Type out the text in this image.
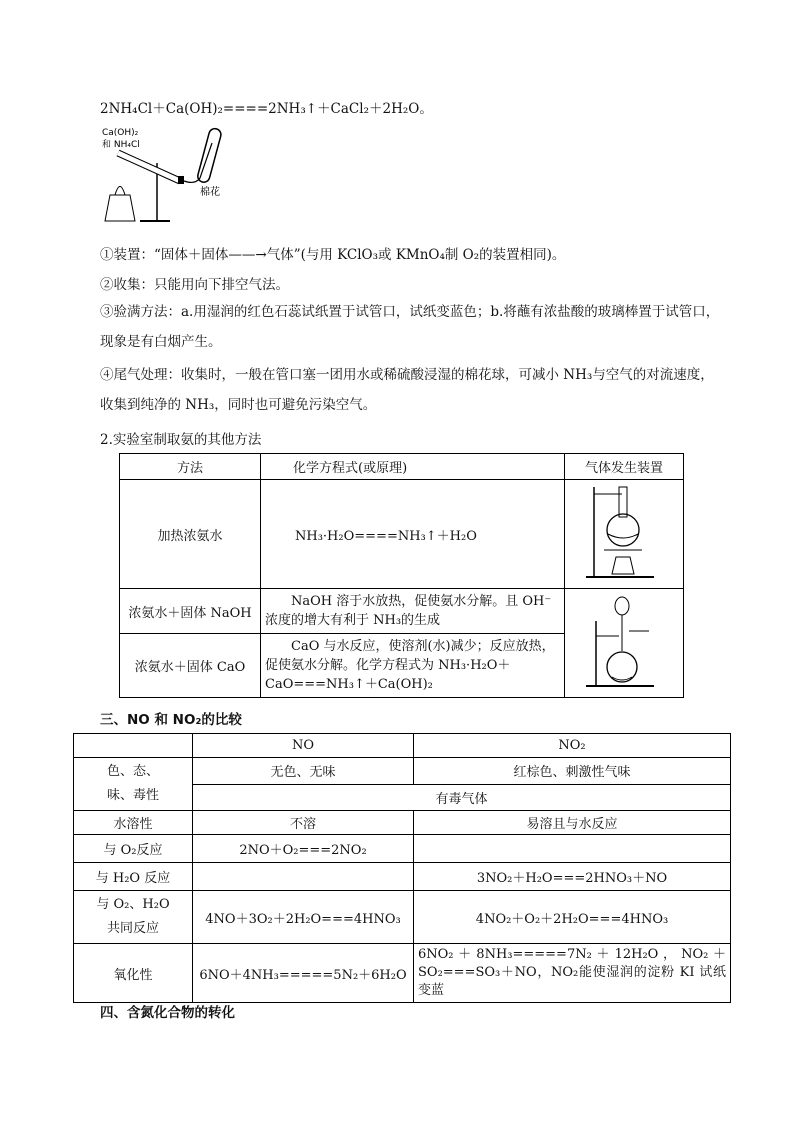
2NH₄Cl＋Ca(OH)₂====2NH₃↑＋CaCl₂＋2H₂O。
Ca(OH)₂
和 NH₄Cl
棉花
①装置：“固体＋固体——→气体”(与用 KClO₃或 KMnO₄制 O₂的装置相同)。
②收集：只能用向下排空气法。
③验满方法：a.用湿润的红色石蕊试纸置于试管口，试纸变蓝色；b.将蘸有浓盐酸的玻璃棒置于试管口，现象是有白烟产生。
④尾气处理：收集时，一般在管口塞一团用水或稀硫酸浸湿的棉花球，可减小 NH₃与空气的对流速度，收集到纯净的 NH₃，同时也可避免污染空气。
2.实验室制取氨的其他方法
方法	化学方程式(或原理)	气体发生装置
加热浓氨水	NH₃·H₂O====NH₃↑＋H₂O	
浓氨水＋固体 NaOH	NaOH 溶于水放热，促使氨水分解。且 OH⁻浓度的增大有利于 NH₃的生成	
浓氨水＋固体 CaO	CaO 与水反应，使溶剂(水)减少；反应放热，促使氨水分解。化学方程式为 NH₃·H₂O＋CaO===NH₃↑＋Ca(OH)₂	
三、NO 和 NO₂的比较
	NO	NO₂

色、态、
味、毒性	无色、无味	红棕色、刺激性气味
	有毒气体	
水溶性	不溶	易溶且与水反应
与 O₂反应	2NO＋O₂===2NO₂	
与 H₂O 反应		3NO₂＋H₂O===2HNO₃＋NO

与 O₂、H₂O
共同反应	4NO＋3O₂＋2H₂O===4HNO₃	4NO₂＋O₂＋2H₂O===4HNO₃
氧化性	6NO＋4NH₃=====5N₂＋6H₂O	6NO₂ ＋ 8NH₃=====7N₂ ＋ 12H₂O ， NO₂ ＋ SO₂===SO₃＋NO，NO₂能使湿润的淀粉 KI 试纸变蓝
四、含氮化合物的转化
